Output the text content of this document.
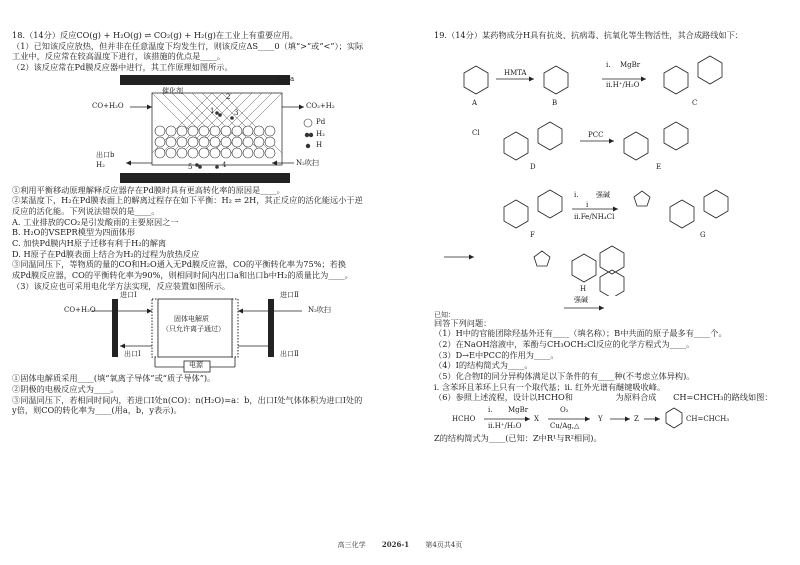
18.（14分）反应CO(g) + H₂O(g) ⇌ CO₂(g) + H₂(g)在工业上有重要应用。
（1）已知该反应放热，但并非在任意温度下均发生行，则该反应ΔS____0（填“>”或“<”）；实际
工业中，反应常在较高温度下进行，该措施的优点是____。
（2）该反应常在Pd膜反应器中进行，其工作原理如图所示。
催化剂
出口a
CO+H₂O	CO₂+H₂
出口b
H₂	N₂吹扫
Pd
H₂
H
1
2
3
4
5
①利用平衡移动原理解释反应器存在Pd膜时具有更高转化率的原因是____。
②某温度下，H₂在Pd膜表面上的解离过程存在如下平衡：H₂ ⇌ 2H，其正反应的活化能远小于逆
反应的活化能。下列说法错误的是____。
A. 工业排放的CO₂是引发酸雨的主要原因之一
B. H₂O的VSEPR模型为四面体形
C. 加快Pd膜内H原子迁移有利于H₂的解离
D. H原子在Pd膜表面上结合为H₂的过程为放热反应
③同温同压下，等物质的量的CO和H₂O通入无Pd膜反应器，CO的平衡转化率为75%；若换
成Pd膜反应器，CO的平衡转化率为90%，则相同时间内出口a和出口b中H₂的质量比为____。
（3）该反应也可采用电化学方法实现，反应装置如图所示。
进口Ⅰ	进口Ⅱ
CO+H₂O	N₂吹扫
固体电解质
（只允许离子通过）
出口Ⅰ	出口Ⅱ
电源
①固体电解质采用____(填“氧离子导体”或“质子导体”)。
②阴极的电极反应式为____。
③同温同压下，若相同时间内，若进口Ⅰ处n(CO)：n(H₂O)=a：b，出口Ⅰ处气体体积为进口Ⅰ处的
y倍，则CO的转化率为____(用a，b，y表示)。
19.（14分）某药物成分H具有抗炎、抗病毒、抗氧化等生物活性，其合成路线如下：
A	B	C
D	E
F	G
H
HMTA
i. MgBr
ii.H⁺/H₂O
Cl	PCC
i.	强碱
i
ii.Fe/NH₄Cl
已知：
强碱
回答下列问题：
（1）H中的官能团除羟基外还有____（填名称）；B中共面的原子最多有____个。
（2）在NaOH溶液中，苯酚与CH₃OCH₂Cl反应的化学方程式为____。
（3）D→E中PCC的作用为____。
（4）I的结构简式为____。
（5）化合物I的同分异构体满足以下条件的有____种(不考虑立体异构)。
i. 含苯环且苯环上只有一个取代基；ii. 红外光谱有醚键吸收峰。
（6）参照上述流程，设计以HCHO和	为原料合成 CH=CHCH₃的路线如图：
HCHO
i. MgBr
ii.H⁺/H₂O
X
O₂
Cu/Ag,△
Y	Z	CH=CHCH₃
Z的结构简式为____(已知：Z中R¹与R²相同)。
高三化学 2026-1 第4页共4页
